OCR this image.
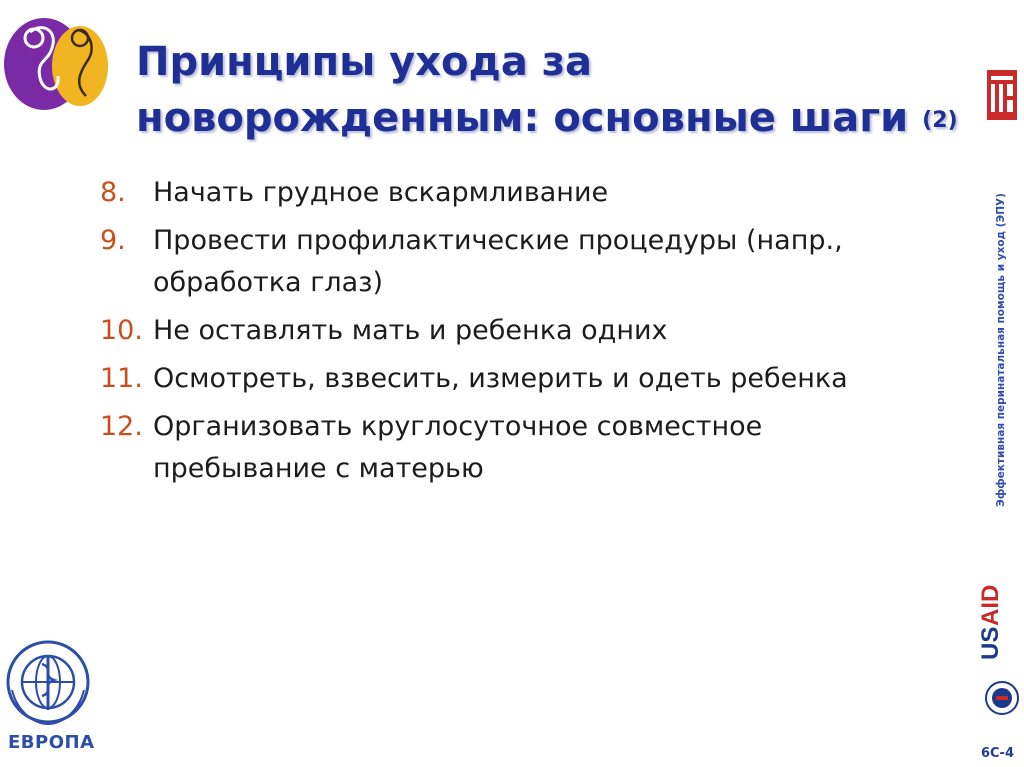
Принципы ухода за
новорожденным: основные шаги (2)
8. Начать грудное вскармливание
9. Провести профилактические процедуры (напр.,
обработка глаз)
10. Не оставлять мать и ребенка одних
11. Осмотреть, взвесить, измерить и одеть ребенка
12. Организовать круглосуточное совместное
пребывание с матерью	Эффективная перинатальная помощь и уход (ЭПУ)
US
AID
ЕВРОПА
6С-4
